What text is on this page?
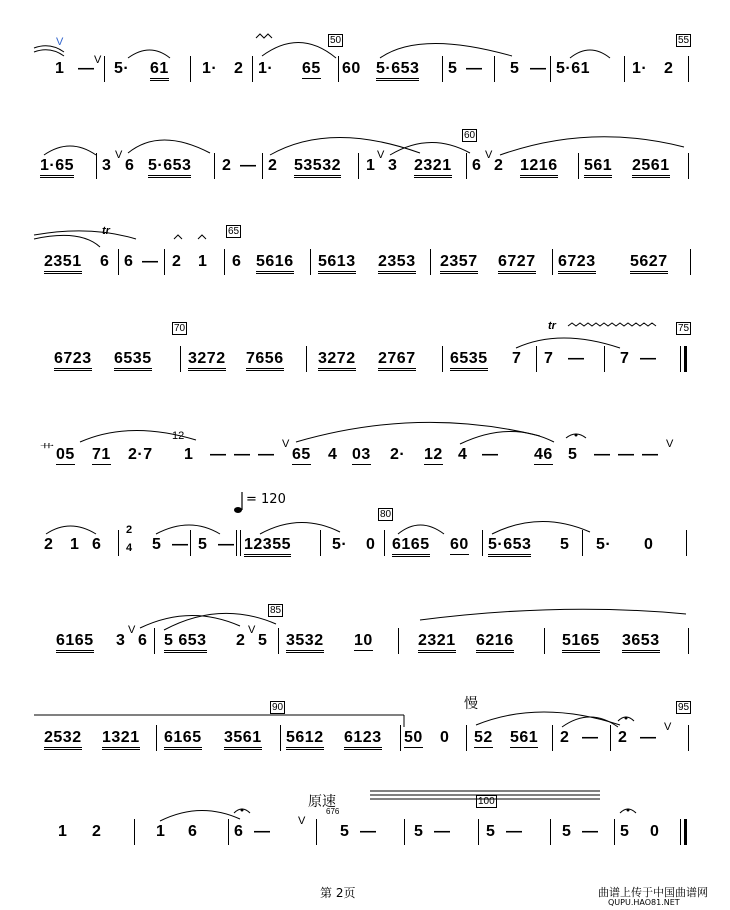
V
1 — V 5· 61 1· 2 1· 65
50
60 5·653 5 — 5 — 5·61	1· 2
55
1·65 3
V
6 5·653 2 — 2 53532 1
V
3 2321
60
6
V
2 1216 561 2561
2351
tr
6 6 — 2 1
65
6 5616 5613 2353 2357 6727 6723 5627
6723 6535
70
3272 7656 3272 2767 6535 7
tr
7 — 7 —
75
艹 05 71 2·7
12
1 — — —
V
65 4 03 2· 12 4 — 46 5 — — —
V
= 120
2 1 6
2
4 5 — 5 — 12355	5· 0
80
6165 60 5·653 5 5· 0
6165 3
V
6 5 653 2
V
5
85
3532 10	2321 6216	5165 3653
慢
2532 1321 6165 3561
90
5612 6123 50 0 52 561 2 — 2 —
V
95
原速
1 2	1 6 6 —
V
676
5 — 5 —
100
5 — 5 — 5 0
第 2页	曲谱上传于中国曲谱网
QUPU.HAO81.NET
